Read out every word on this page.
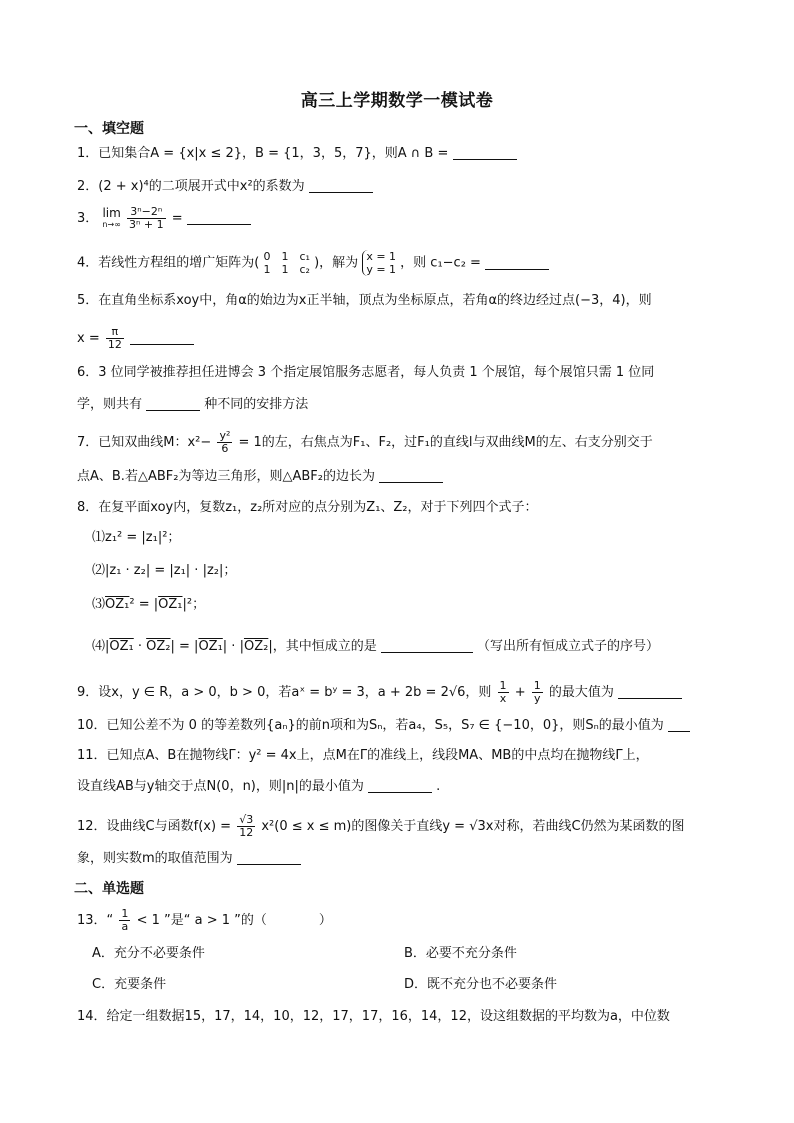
高三上学期数学一模试卷
一、填空题
1．已知集合A = {x|x ≤ 2}，B = {1，3，5，7}，则A ∩ B =
2．(2 + x)⁴的二项展开式中x²的系数为
3． lim
n→∞
$\frac{\text{3ⁿ−2ⁿ}}{\text{3ⁿ + 1}}$ =
4．若线性方程组的增广矩阵为( 0　1　c₁
1　1　c₂ )，解为 x = 1
y = 1 ，则 c₁−c₂ =
5．在直角坐标系xoy中，角α的始边为x正半轴，顶点为坐标原点，若角α的终边经过点(−3，4)，则
$x = \frac{\pi}{12}$

6．3 位同学被推荐担任进博会 3 个指定展馆服务志愿者，每人负责 1 个展馆，每个展馆只需 1 位同
学，则共有	种不同的安排方法
7．已知双曲线M：$x^2- \frac{\text{y²}}{6} = 1$的左，右焦点为F₁、F₂，过F₁的直线l与双曲线M的左、右支分别交于
点A、B.若△ABF₂为等边三角形，则△ABF₂的边长为
8．在复平面xoy内，复数z₁，z₂所对应的点分别为Z₁、Z₂，对于下列四个式子：
⑴z₁² = |z₁|²；
⑵|z₁ · z₂| = |z₁| · |z₂|；
⑶OZ₁² = |OZ₁|²；
⑷|OZ₁ · OZ₂| = |OZ₁| · |OZ₂|，其中恒成立的是	（写出所有恒成立式子的序号）
9．设x，y ∈ R，a > 0，b > 0，若aˣ = bʸ = 3，a + 2b = 2√6，则 $\frac{1}{x} + \frac{1}{y}$ 的最大值为
10．已知公差不为 0 的等差数列{aₙ}的前n项和为Sₙ，若a₄，S₅，S₇ ∈ {−10，0}，则Sₙ的最小值为
11．已知点A、B在抛物线Γ：y² = 4x上，点M在Γ的准线上，线段MA、MB的中点均在抛物线Γ上，
设直线AB与y轴交于点N(0，n)，则|n|的最小值为	.
12．设曲线C与函数$f(x) = \frac{√3}{12} x^2(0 \le x \le m)$的图像关于直线y = √3x对称，若曲线C仍然为某函数的图
象，则实数m的取值范围为
二、单选题
13．“ $\frac{1}{a} < 1$ ”是“ a > 1 ”的（　　　　）
A．充分不必要条件	B．必要不充分条件
C．充要条件	D．既不充分也不必要条件
14．给定一组数据15，17，14，10，12，17，17，16，14，12，设这组数据的平均数为a，中位数
